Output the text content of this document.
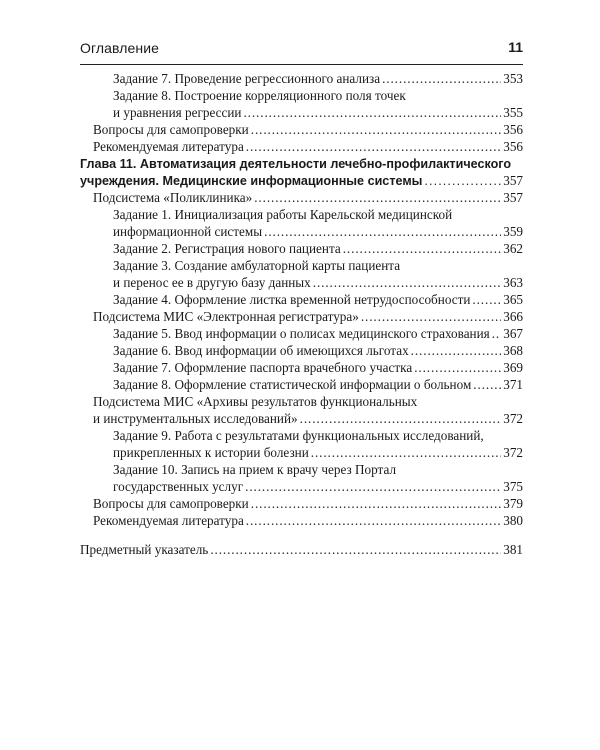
Оглавление	11
Задание 7. Проведение регрессионного анализа . . .	353
Задание 8. Построение корреляционного поля точек
и уравнения регрессии . . .	355
Вопросы для самопроверки . . .	356
Рекомендуемая литература . . .	356
Глава 11. Автоматизация деятельности лечебно-профилактического
учреждения. Медицинские информационные системы . . .	357
Подсистема «Поликлиника» . . .	357
Задание 1. Инициализация работы Карельской медицинской
информационной системы . . .	359
Задание 2. Регистрация нового пациента . . .	362
Задание 3. Создание амбулаторной карты пациента
и перенос ее в другую базу данных . . .	363
Задание 4. Оформление листка временной нетрудоспособности . . . 365
Подсистема МИС «Электронная регистратура» . . .	366
Задание 5. Ввод информации о полисах медицинского страхования . . . 367
Задание 6. Ввод информации об имеющихся льготах . . .	368
Задание 7. Оформление паспорта врачебного участка . . .	369
Задание 8. Оформление статистической информации о больном . . . 371
Подсистема МИС «Архивы результатов функциональных
и инструментальных исследований» . . .	372
Задание 9. Работа с результатами функциональных исследований,
прикрепленных к истории болезни . . .	372
Задание 10. Запись на прием к врачу через Портал
государственных услуг . . .	375
Вопросы для самопроверки . . .	379
Рекомендуемая литература . . .	380
Предметный указатель . . .	381
